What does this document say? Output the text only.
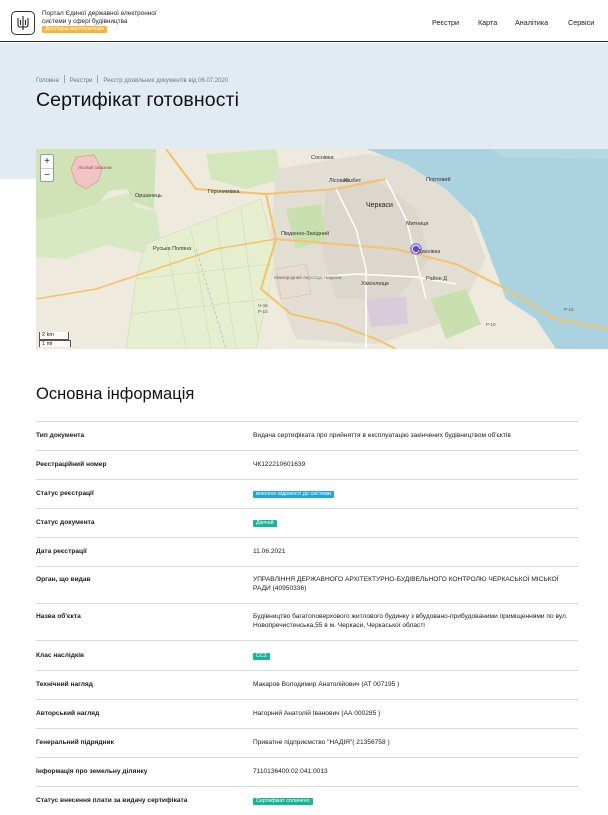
Портал Єдиної державної електронної системи у сфері будівництва Дослідна експлуатація
Реєстри	Карта Аналітика	Сервіси
Головна Реєстри Реєстр дозвільних документів від 06.07.2020
Сертифікат готовності
Соснівка
Казбет
Лісовий	Портовий
Черкаси
Митниця
Південно-Західний
Дахнівка
Хімселище
Район Д
Руська Поляна
Оршанець
Геронимівка
Міжнародний Аеропорт Черкаси
Н-16
Р-10
Р-10
Р-10
Лісовий заказник
+
−
2 km
1 mi
Основна інформація
Тип документа	Видача сертифіката про прийняття в експлуатацію закінчених будівництвом об'єктів
Реєстраційний номер	ЧК122210601639
Статус реєстрації	внесено відомості до системи
Статус документа	Діючий
Дата реєстрації	11.06.2021
Орган, що видав	УПРАВЛІННЯ ДЕРЖАВНОГО АРХІТЕКТУРНО-БУДІВЕЛЬНОГО КОНТРОЛЮ ЧЕРКАСЬКОЇ МІСЬКОЇ РАДИ (40950336)
Назва об'єкта	Будівництво багатоповерхового житлового будинку з вбудовано-прибудованими приміщеннями по вул. Новопречистенська,55 в м. Черкаси, Черкаської області
Клас наслідків	СС2
Технічний нагляд	Макаров Володимир Анатолійович (АТ 007195 )
Авторський нагляд	Нагорний Анатолій Іванович (АА 000285 )
Генеральний підрядник	Приватне підприємство "НАДІЯ"( 21356758 )
Інформація про земельну ділянку	7110136400:02:041:0013
Статус внесення плати за видачу сертифіката	Сертифікат сплачено
